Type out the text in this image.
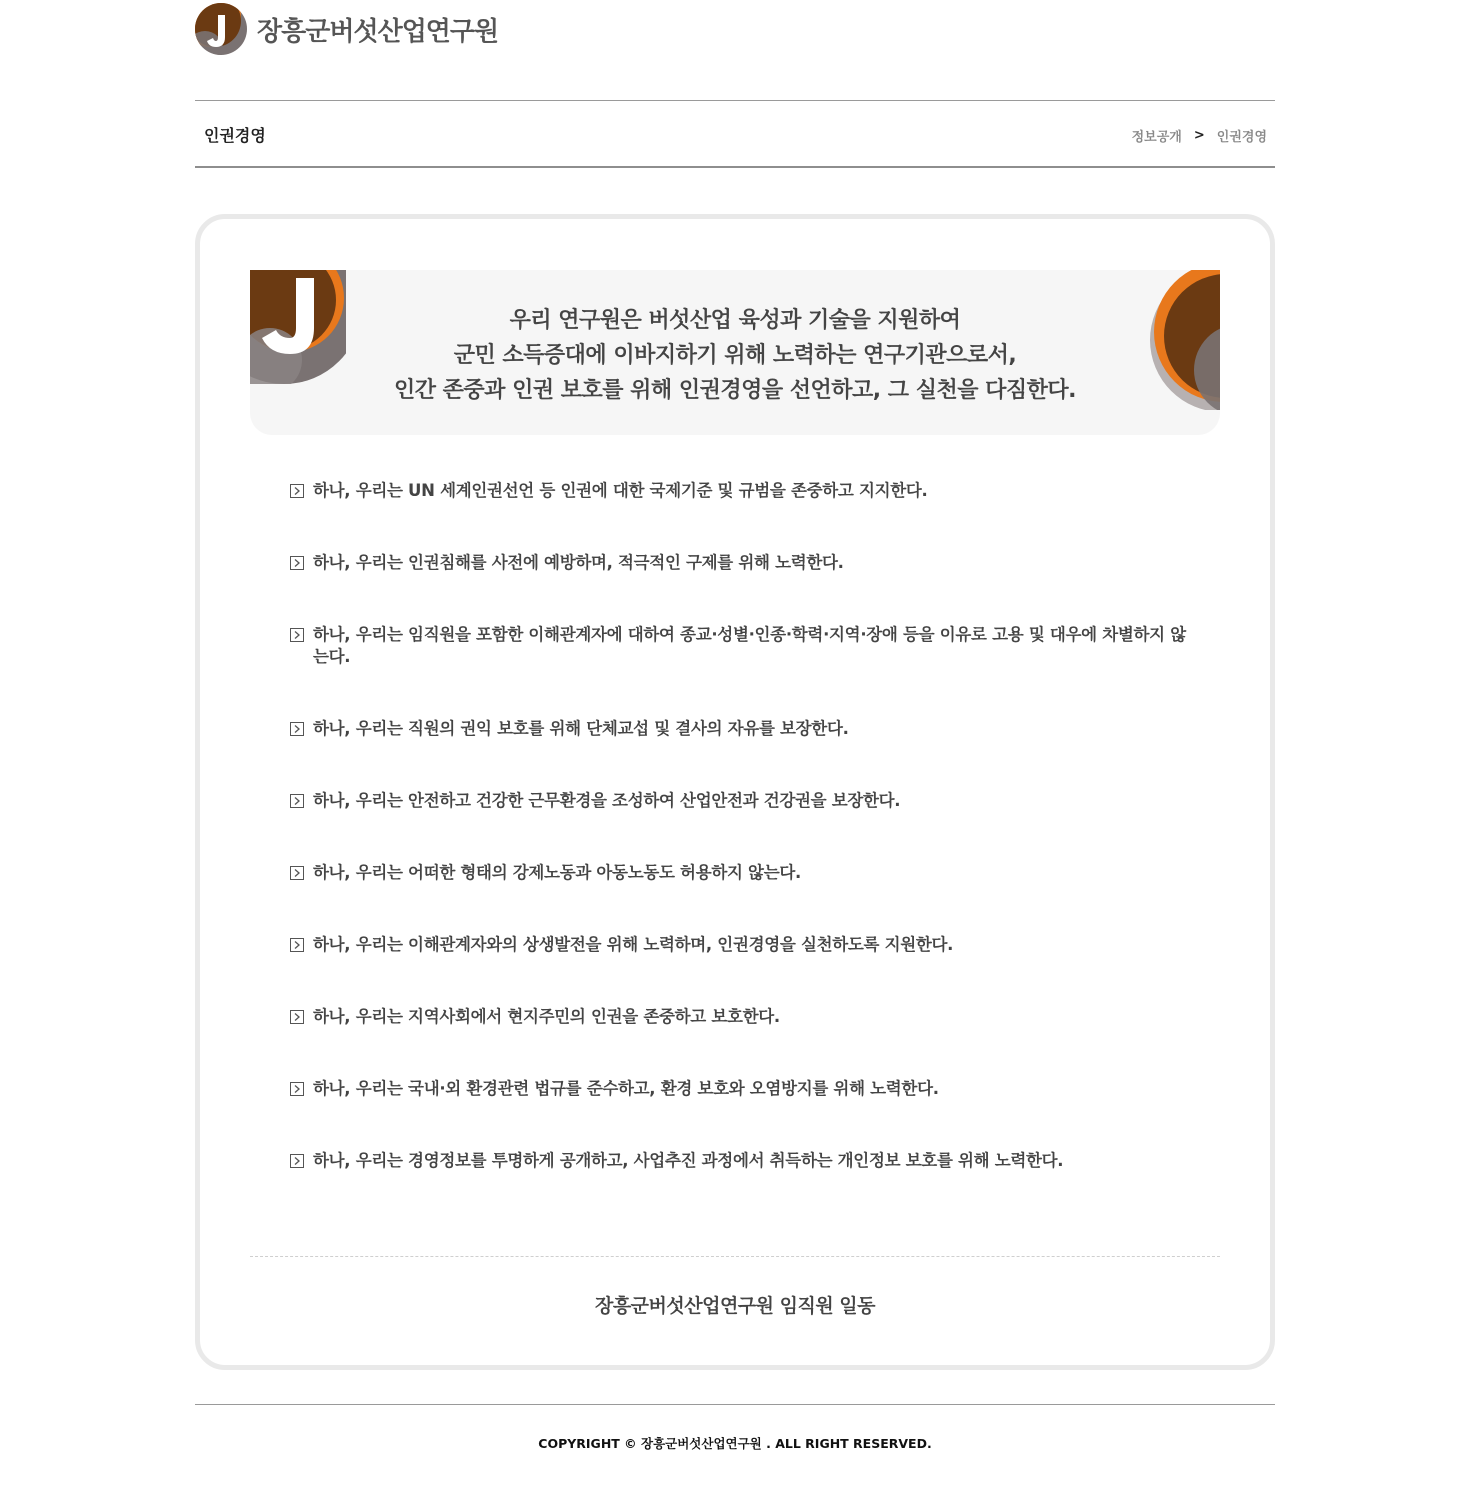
장흥군버섯산업연구원
인권경영	정보공개 > 인권경영
우리 연구원은 버섯산업 육성과 기술을 지원하여
군민 소득증대에 이바지하기 위해 노력하는 연구기관으로서,
인간 존중과 인권 보호를 위해 인권경영을 선언하고, 그 실천을 다짐한다.
하나, 우리는 UN 세계인권선언 등 인권에 대한 국제기준 및 규범을 존중하고 지지한다.
하나, 우리는 인권침해를 사전에 예방하며, 적극적인 구제를 위해 노력한다.
하나, 우리는 임직원을 포함한 이해관계자에 대하여 종교·성별·인종·학력·지역·장애 등을 이유로 고용 및 대우에 차별하지 않는다.
하나, 우리는 직원의 권익 보호를 위해 단체교섭 및 결사의 자유를 보장한다.
하나, 우리는 안전하고 건강한 근무환경을 조성하여 산업안전과 건강권을 보장한다.
하나, 우리는 어떠한 형태의 강제노동과 아동노동도 허용하지 않는다.
하나, 우리는 이해관계자와의 상생발전을 위해 노력하며, 인권경영을 실천하도록 지원한다.
하나, 우리는 지역사회에서 현지주민의 인권을 존중하고 보호한다.
하나, 우리는 국내·외 환경관련 법규를 준수하고, 환경 보호와 오염방지를 위해 노력한다.
하나, 우리는 경영정보를 투명하게 공개하고, 사업추진 과정에서 취득하는 개인정보 보호를 위해 노력한다.
장흥군버섯산업연구원 임직원 일동
COPYRIGHT © 장흥군버섯산업연구원 . ALL RIGHT RESERVED.
